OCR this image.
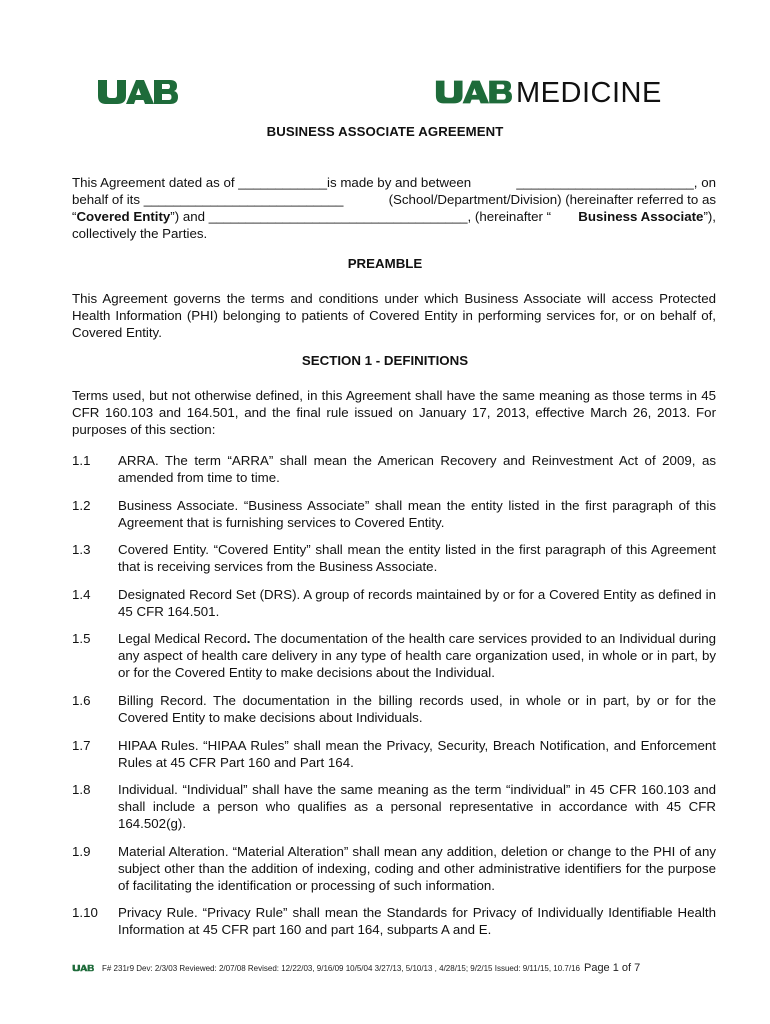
MEDICINE
BUSINESS ASSOCIATE AGREEMENT
This Agreement dated as of ____________is made by and between	________________________, on
behalf of its ___________________________	(School/Department/Division) (hereinafter referred to as
“ Covered Entity ”) and ___________________________________, (hereinafter “	Business Associate ”),
collectively the Parties.
PREAMBLE
This Agreement governs the terms and conditions under which Business Associate will access Protected Health Information (PHI) belonging to patients of Covered Entity in performing services for, or on behalf of, Covered Entity.
SECTION 1 - DEFINITIONS
Terms used, but not otherwise defined, in this Agreement shall have the same meaning as those terms in 45 CFR 160.103 and 164.501, and the final rule issued on January 17, 2013, effective March 26, 2013. For purposes of this section:
1.1	ARRA. The term “ARRA” shall mean the American Recovery and Reinvestment Act of 2009, as amended from time to time.
1.2	Business Associate. “Business Associate” shall mean the entity listed in the first paragraph of this Agreement that is furnishing services to Covered Entity.
1.3	Covered Entity. “Covered Entity” shall mean the entity listed in the first paragraph of this Agreement that is receiving services from the Business Associate.
1.4	Designated Record Set (DRS). A group of records maintained by or for a Covered Entity as defined in 45 CFR 164.501.
1.5	Legal Medical Record. The documentation of the health care services provided to an Individual during any aspect of health care delivery in any type of health care organization used, in whole or in part, by or for the Covered Entity to make decisions about the Individual.
1.6	Billing Record. The documentation in the billing records used, in whole or in part, by or for the Covered Entity to make decisions about Individuals.
1.7	HIPAA Rules. “HIPAA Rules” shall mean the Privacy, Security, Breach Notification, and Enforcement Rules at 45 CFR Part 160 and Part 164.
1.8	Individual. “Individual” shall have the same meaning as the term “individual” in 45 CFR 160.103 and shall include a person who qualifies as a personal representative in accordance with 45 CFR 164.502(g).
1.9	Material Alteration. “Material Alteration” shall mean any addition, deletion or change to the PHI of any subject other than the addition of indexing, coding and other administrative identifiers for the purpose of facilitating the identification or processing of such information.
1.10	Privacy Rule. “Privacy Rule” shall mean the Standards for Privacy of Individually Identifiable Health Information at 45 CFR part 160 and part 164, subparts A and E.
F# 231r9 Dev: 2/3/03 Reviewed: 2/07/08 Revised: 12/22/03, 9/16/09 10/5/04 3/27/13, 5/10/13 , 4/28/15; 9/2/15 Issued: 9/11/15, 10.7/16 Page 1 of 7
